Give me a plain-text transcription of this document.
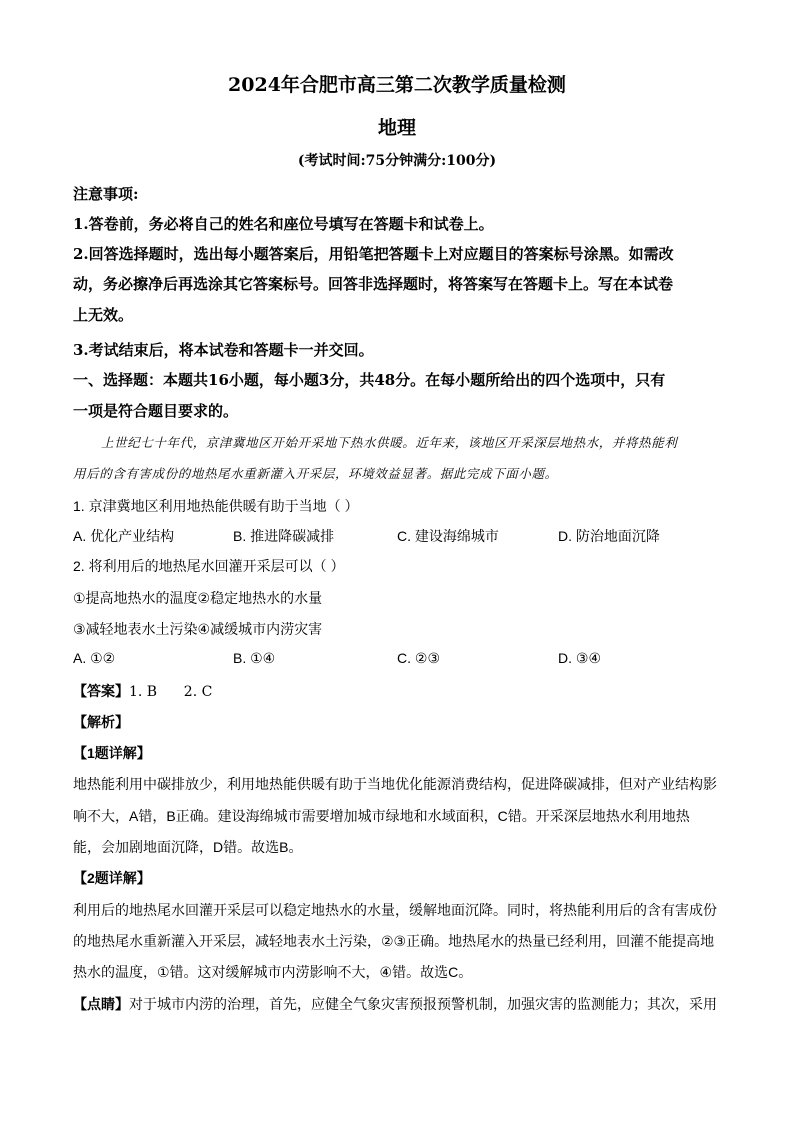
2024年合肥市高三第二次教学质量检测
地理
(考试时间:75分钟满分:100分)
注意事项:
1.答卷前，务必将自己的姓名和座位号填写在答题卡和试卷上。
2.回答选择题时，选出每小题答案后，用铅笔把答题卡上对应题目的答案标号涂黑。如需改
动，务必擦净后再选涂其它答案标号。回答非选择题时，将答案写在答题卡上。写在本试卷
上无效。
3.考试结束后，将本试卷和答题卡一并交回。
一、选择题：本题共16小题，每小题3分，共48分。在每小题所给出的四个选项中，只有
一项是符合题目要求的。
上世纪七十年代，京津冀地区开始开采地下热水供暖。近年来，该地区开采深层地热水，并将热能利
用后的含有害成份的地热尾水重新灌入开采层，环境效益显著。据此完成下面小题。
1. 京津冀地区利用地热能供暖有助于当地（ ）
A. 优化产业结构	B. 推进降碳减排	C. 建设海绵城市	D. 防治地面沉降
2. 将利用后的地热尾水回灌开采层可以（ ）
①提高地热水的温度②稳定地热水的水量
③减轻地表水土污染④减缓城市内涝灾害
A. ①②	B. ①④	C. ②③	D. ③④
【答案】1. B      2. C
【解析】
【1题详解】
地热能利用中碳排放少，利用地热能供暖有助于当地优化能源消费结构，促进降碳减排，但对产业结构影
响不大，A错，B正确。建设海绵城市需要增加城市绿地和水域面积，C错。开采深层地热水利用地热
能，会加剧地面沉降，D错。故选B。
【2题详解】
利用后的地热尾水回灌开采层可以稳定地热水的水量，缓解地面沉降。同时，将热能利用后的含有害成份
的地热尾水重新灌入开采层，减轻地表水土污染，②③正确。地热尾水的热量已经利用，回灌不能提高地
热水的温度，①错。这对缓解城市内涝影响不大，④错。故选C。
【点睛】对于城市内涝的治理，首先，应健全气象灾害预报预警机制，加强灾害的监测能力；其次，采用
